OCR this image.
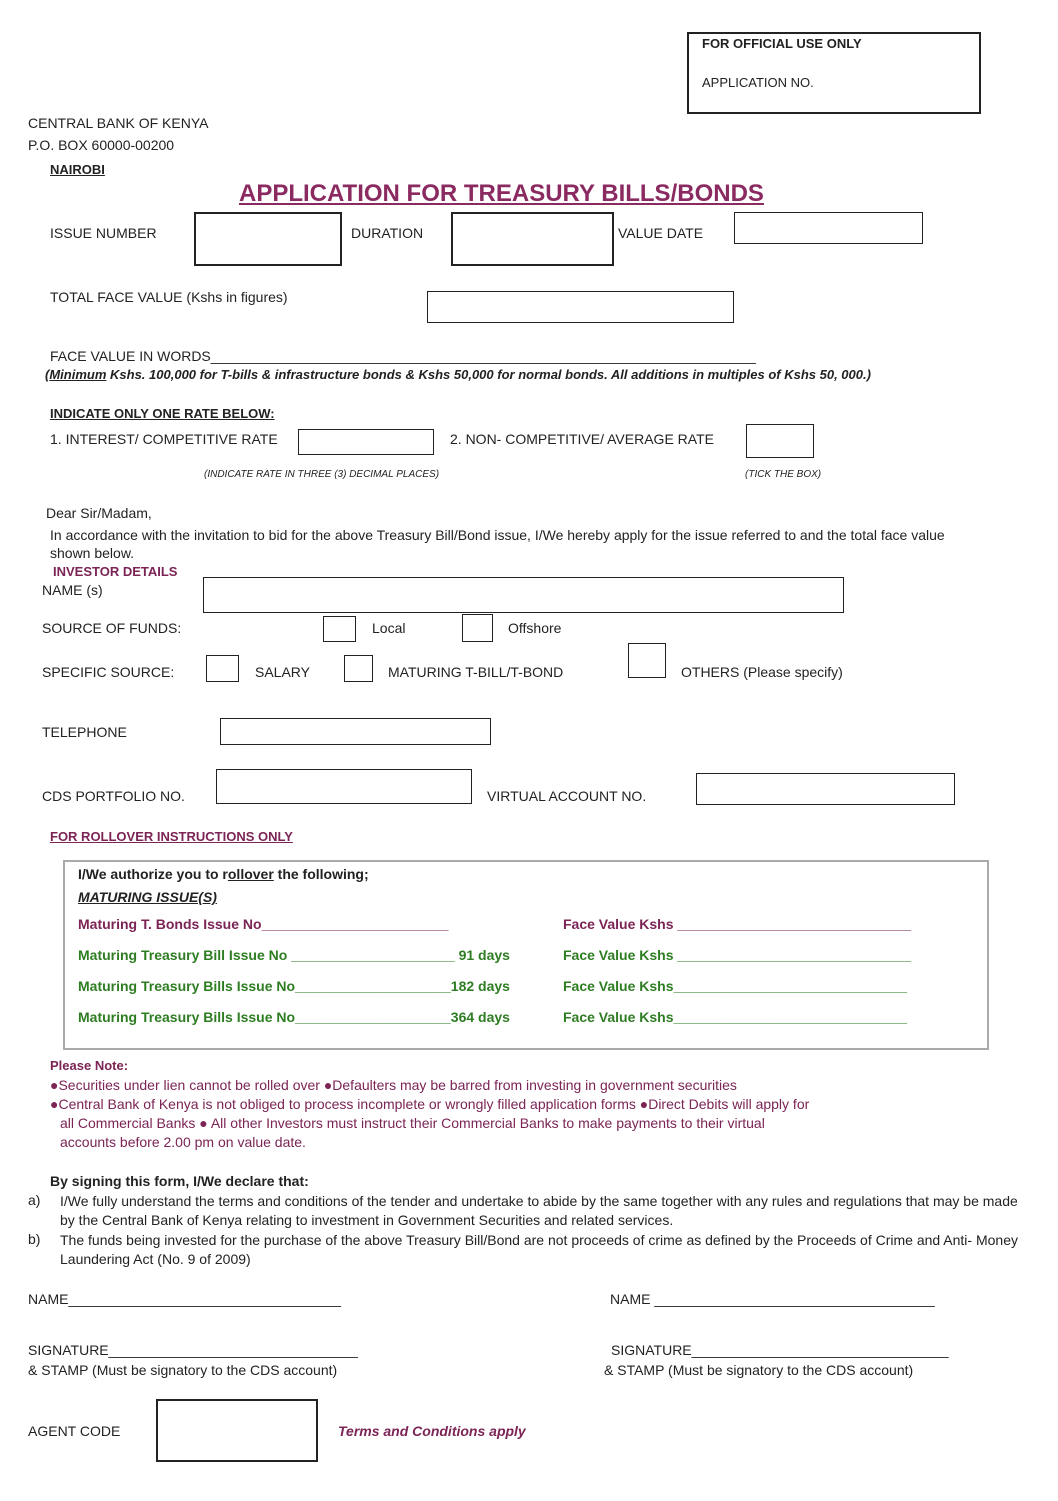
FOR OFFICIAL USE ONLY
APPLICATION NO.
CENTRAL BANK OF KENYA
P.O. BOX 60000-00200
NAIROBI
APPLICATION FOR TREASURY BILLS/BONDS
ISSUE NUMBER	DURATION	VALUE DATE
TOTAL FACE VALUE (Kshs in figures)
FACE VALUE IN WORDS______________________________________________________________________
(Minimum Kshs. 100,000 for T-bills & infrastructure bonds & Kshs 50,000 for normal bonds. All additions in multiples of Kshs 50, 000.)
INDICATE ONLY ONE RATE BELOW:
1. INTEREST/ COMPETITIVE RATE	2. NON- COMPETITIVE/ AVERAGE RATE
(INDICATE RATE IN THREE (3) DECIMAL PLACES)	(TICK THE BOX)
Dear Sir/Madam,
In accordance with the invitation to bid for the above Treasury Bill/Bond issue, I/We hereby apply for the issue referred to and the total face value shown below.
INVESTOR DETAILS
NAME (s)
SOURCE OF FUNDS:	Local	Offshore
SPECIFIC SOURCE:	SALARY	MATURING T-BILL/T-BOND	OTHERS (Please specify)
TELEPHONE
CDS PORTFOLIO NO.	VIRTUAL ACCOUNT NO.
FOR ROLLOVER INSTRUCTIONS ONLY
I/We authorize you to rollover the following;
MATURING ISSUE(S)
Maturing T. Bonds Issue No________________________	Face Value Kshs ______________________________
Maturing Treasury Bill Issue No _____________________ 91 days	Face Value Kshs ______________________________
Maturing Treasury Bills Issue No____________________182 days	Face Value Kshs______________________________
Maturing Treasury Bills Issue No____________________364 days	Face Value Kshs______________________________
Please Note:
●Securities under lien cannot be rolled over ●Defaulters may be barred from investing in government securities
●Central Bank of Kenya is not obliged to process incomplete or wrongly filled application forms ●Direct Debits will apply for
all Commercial Banks ● All other Investors must instruct their Commercial Banks to make payments to their virtual
accounts before 2.00 pm on value date.
By signing this form, I/We declare that:
a) I/We fully understand the terms and conditions of the tender and undertake to abide by the same together with any rules and regulations that may be made by the Central Bank of Kenya relating to investment in Government Securities and related services.
b) The funds being invested for the purchase of the above Treasury Bill/Bond are not proceeds of crime as defined by the Proceeds of Crime and Anti- Money Laundering Act (No. 9 of 2009)
NAME___________________________________	NAME ____________________________________
SIGNATURE________________________________	SIGNATURE_________________________________
& STAMP (Must be signatory to the CDS account)	& STAMP (Must be signatory to the CDS account)
AGENT CODE	Terms and Conditions apply
